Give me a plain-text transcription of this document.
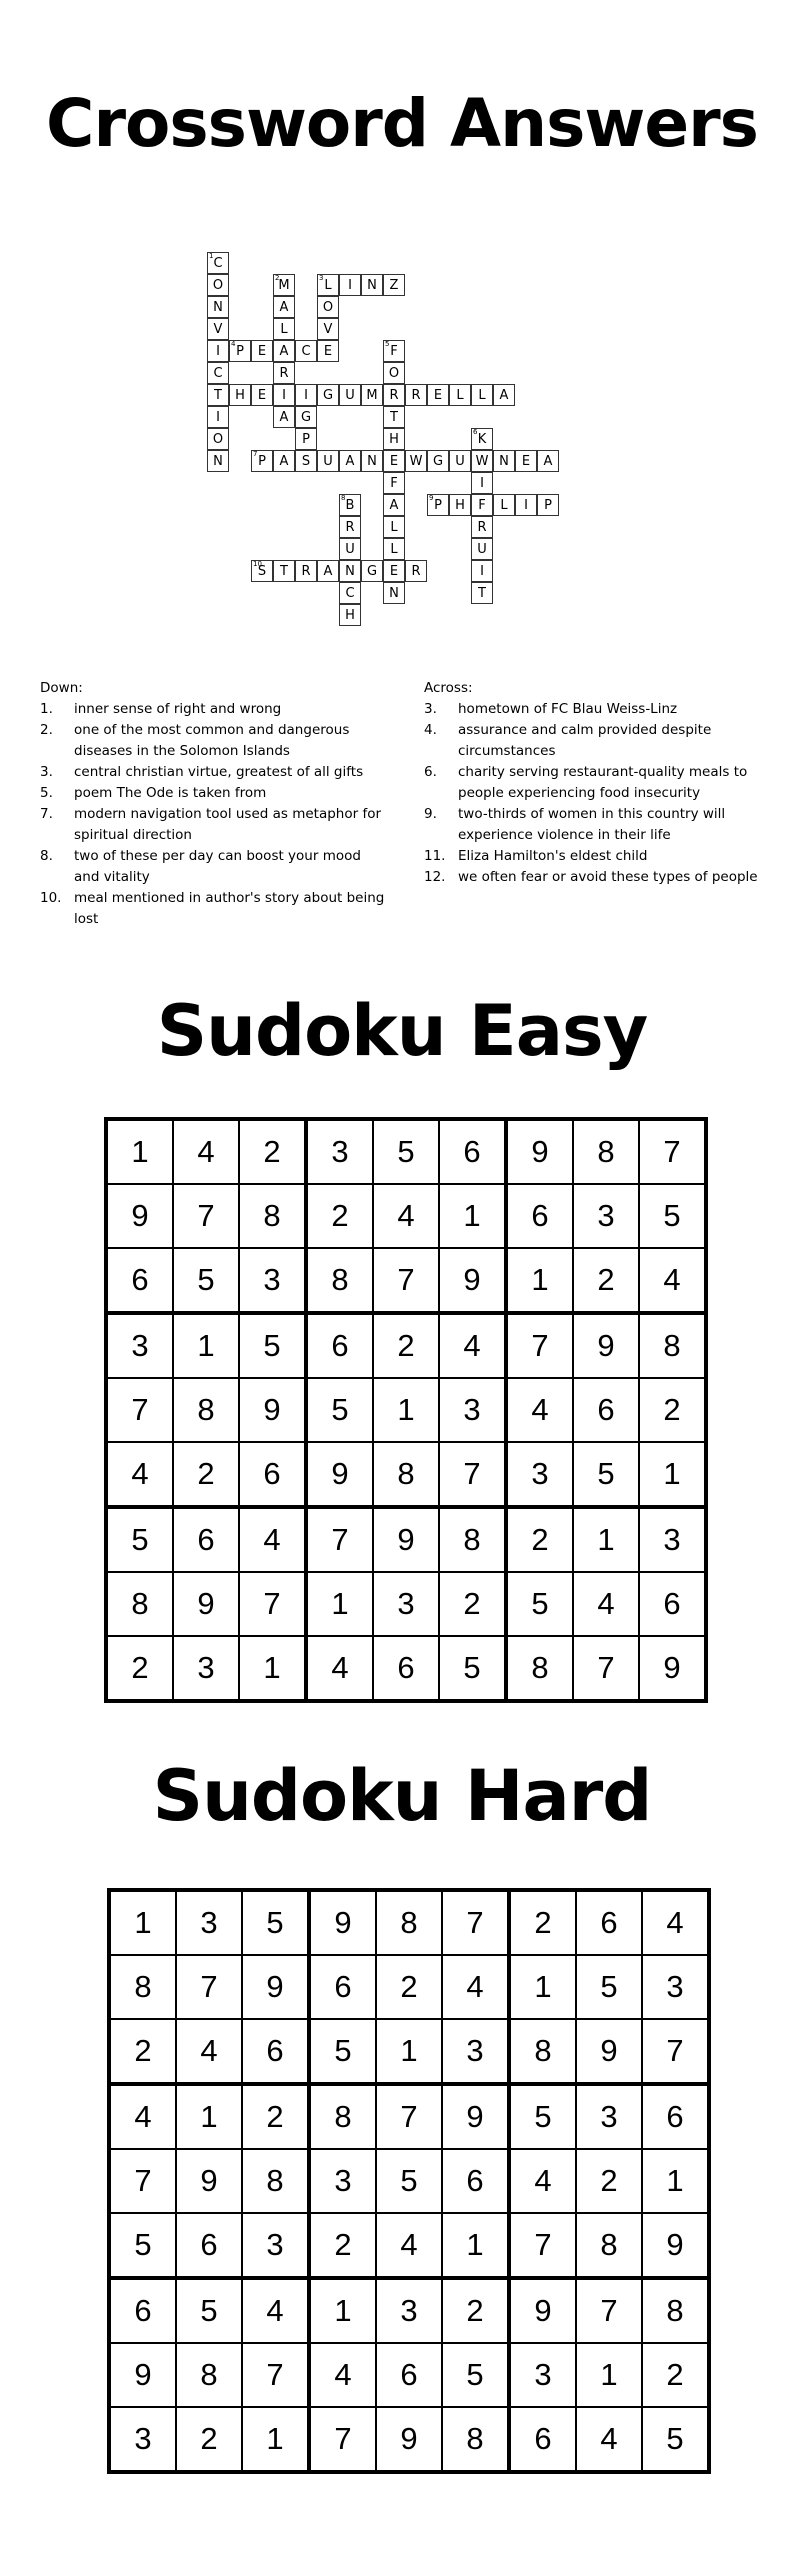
Crossword Answers
C
1
O
N
V
I
C
T
I
O
N
M
2
A
L
A
R
I
A
L
3 I N Z
O
V
E
P
4 E	C	F
5
O
R
T
H
E
F
A
L
L
E
N
H E	I G U M	R E L L A
G
P
S
K
6
W
I
F
R
U
I
T
P
7 A	U A N	W G U	N E A
B
8
R
U
N
C
H
P
9 H	L I P
S
10 T R A	G	R
Down:
1.	inner sense of right and wrong
2.	one of the most common and dangerous diseases in the Solomon Islands
3.	central christian virtue, greatest of all gifts
5.	poem The Ode is taken from
7.	modern navigation tool used as metaphor for spiritual direction
8.	two of these per day can boost your mood and vitality
10. meal mentioned in author's story about being lost
Across:
3.	hometown of FC Blau Weiss-Linz
4.	assurance and calm provided despite circumstances
6.	charity serving restaurant-quality meals to people experiencing food insecurity
9.	two-thirds of women in this country will experience violence in their life
11. Eliza Hamilton's eldest child
12. we often fear or avoid these types of people
Sudoku Easy
1	4	2	3	5	6	9	8	7
9	7	8	2	4	1	6	3	5
6	5	3	8	7	9	1	2	4
3	1	5	6	2	4	7	9	8
7	8	9	5	1	3	4	6	2
4	2	6	9	8	7	3	5	1
5	6	4	7	9	8	2	1	3
8	9	7	1	3	2	5	4	6
2	3	1	4	6	5	8	7	9
Sudoku Hard
1	3	5	9	8	7	2	6	4
8	7	9	6	2	4	1	5	3
2	4	6	5	1	3	8	9	7
4	1	2	8	7	9	5	3	6
7	9	8	3	5	6	4	2	1
5	6	3	2	4	1	7	8	9
6	5	4	1	3	2	9	7	8
9	8	7	4	6	5	3	1	2
3	2	1	7	9	8	6	4	5
